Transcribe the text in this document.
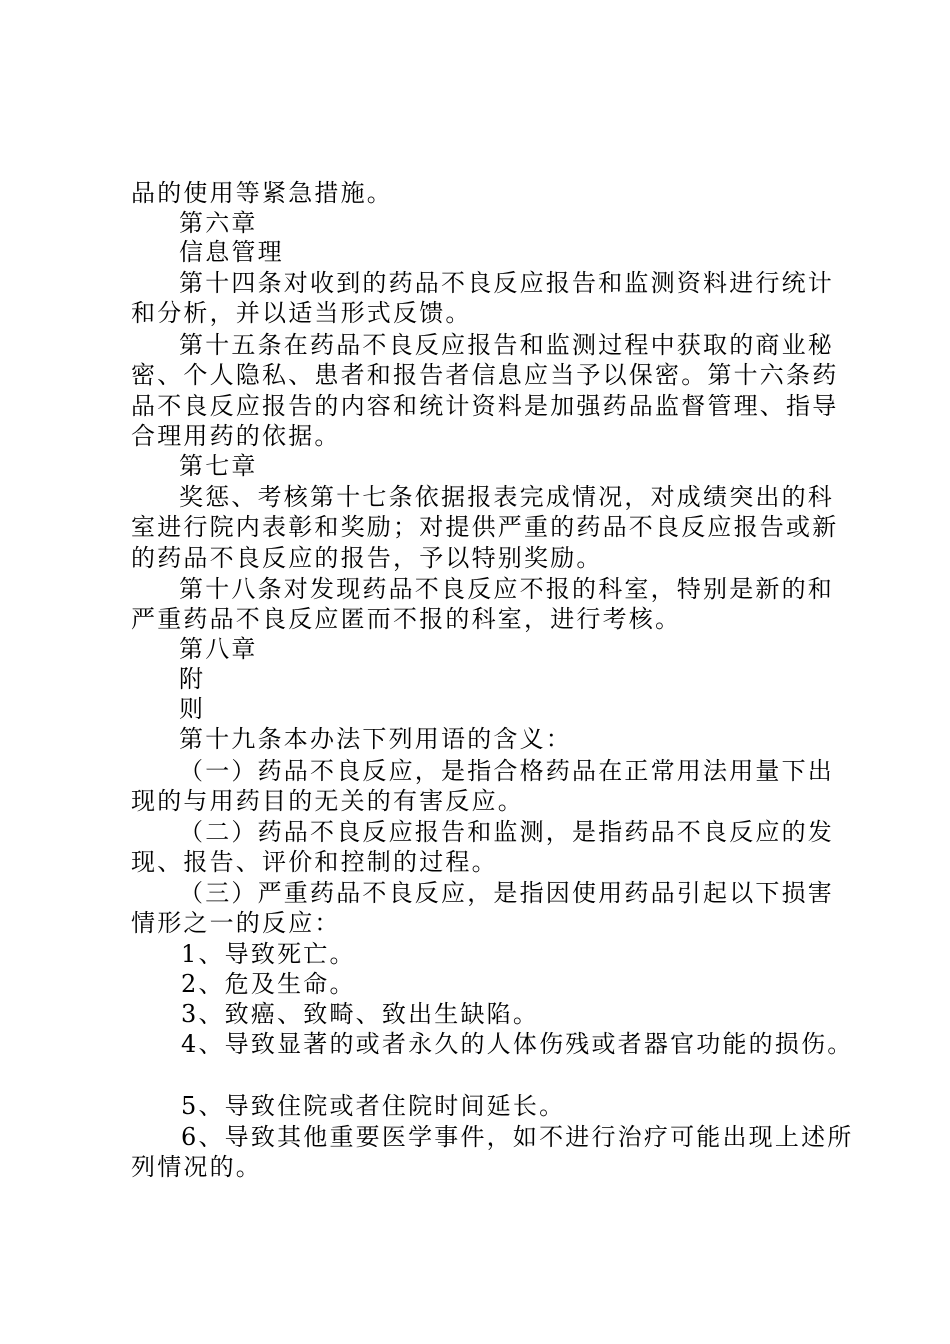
品的使用等紧急措施。
第六章
信息管理
第十四条对收到的药品不良反应报告和监测资料进行统计
和分析，并以适当形式反馈。
第十五条在药品不良反应报告和监测过程中获取的商业秘
密、个人隐私、患者和报告者信息应当予以保密。第十六条药
品不良反应报告的内容和统计资料是加强药品监督管理、指导
合理用药的依据。
第七章
奖惩、考核第十七条依据报表完成情况，对成绩突出的科
室进行院内表彰和奖励；对提供严重的药品不良反应报告或新
的药品不良反应的报告，予以特别奖励。
第十八条对发现药品不良反应不报的科室，特别是新的和
严重药品不良反应匿而不报的科室，进行考核。
第八章
附
则
第十九条本办法下列用语的含义：
（一）药品不良反应，是指合格药品在正常用法用量下出
现的与用药目的无关的有害反应。
（二）药品不良反应报告和监测，是指药品不良反应的发
现、报告、评价和控制的过程。
（三）严重药品不良反应，是指因使用药品引起以下损害
情形之一的反应：
1、导致死亡。
2、危及生命。
3、致癌、致畸、致出生缺陷。
4、导致显著的或者永久的人体伤残或者器官功能的损伤。
5、导致住院或者住院时间延长。
6、导致其他重要医学事件，如不进行治疗可能出现上述所
列情况的。
